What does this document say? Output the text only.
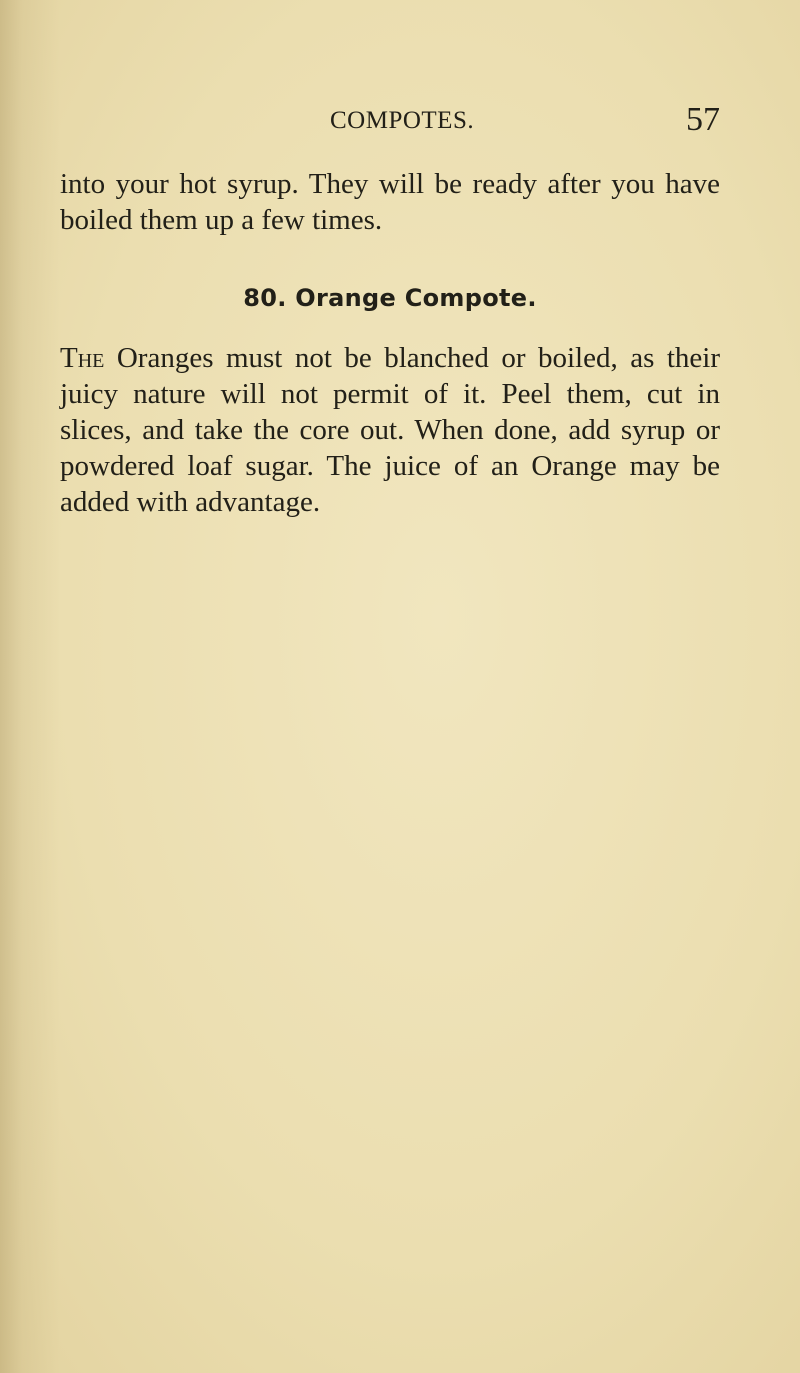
COMPOTES.	57

into your hot syrup. They will be ready after you have boiled them up a few times.

80. Orange Compote.

The Oranges must not be blanched or boiled, as their juicy nature will not permit of it. Peel them, cut in slices, and take the core out. When done, add syrup or powdered loaf sugar. The juice of an Orange may be added with advantage.
